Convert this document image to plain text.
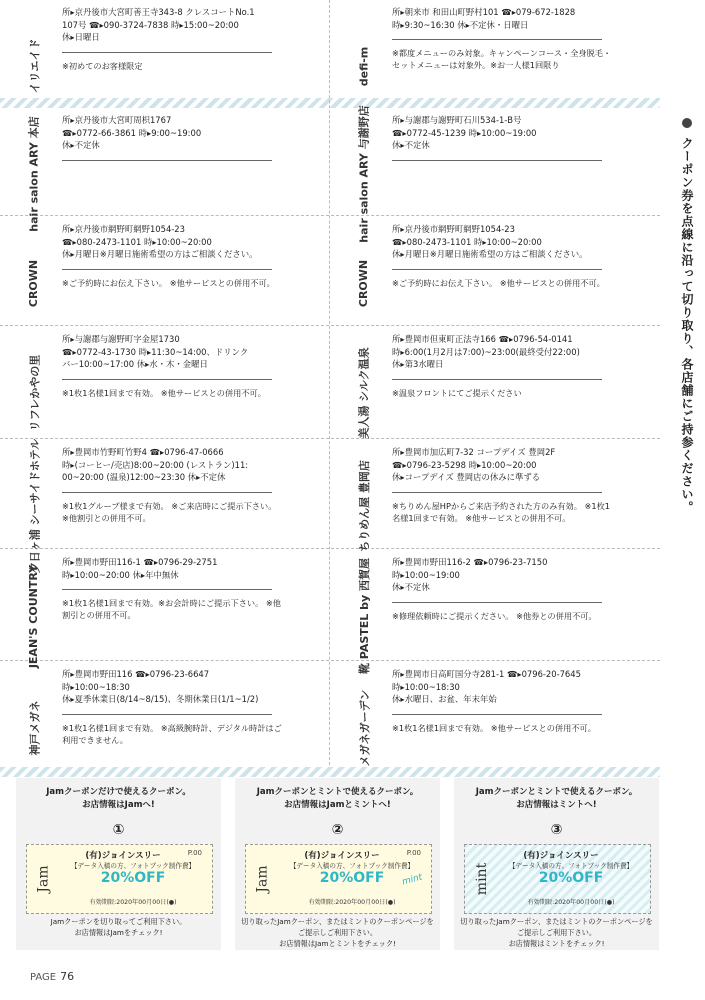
イリエイド
所▸京丹後市大宮町善王寺343-8 クレスコートNo.1
107号 ☎▸090-3724-7838 時▸15:00~20:00
休▸日曜日
※初めてのお客様限定
hair salon ARY 本店 所▸京丹後市大宮町周枳1767
☎▸0772-66-3861 時▸9:00~19:00
休▸不定休
CROWN
所▸京丹後市網野町網野1054-23
☎▸080-2473-1101 時▸10:00~20:00
休▸月曜日※月曜日施術希望の方はご相談ください。
※ご予約時にお伝え下さい。 ※他サービスとの併用不可。
リフレかやの里
所▸与謝郡与謝野町字金屋1730
☎▸0772-43-1730 時▸11:30~14:00、ドリンク
バー10:00~17:00 休▸水・木・金曜日
※1枚1名様1回まで有効。 ※他サービスとの併用不可。
夕日ヶ浦 シーサイドホテル 所▸豊岡市竹野町竹野4 ☎▸0796-47-0666
時▸(コーヒー/売店)8:00~20:00 (レストラン)11:
00~20:00 (温泉)12:00~23:30 休▸不定休
※1枚1グループ様まで有効。 ※ご来店時にご提示下さい。 ※他割引との併用不可。
JEAN'S COUNTRY
所▸豊岡市野田116-1 ☎▸0796-29-2751
時▸10:00~20:00 休▸年中無休
※1枚1名様1回まで有効。※お会計時にご提示下さい。 ※他割引との併用不可。
神戸メガネ
所▸豊岡市野田116 ☎▸0796-23-6647
時▸10:00~18:30
休▸夏季休業日(8/14~8/15)、冬期休業日(1/1~1/2)
※1枚1名様1回まで有効。 ※高級腕時計、デジタル時計はご利用できません。
defi-m
所▸朝来市 和田山町野村101 ☎▸079-672-1828
時▸9:30~16:30 休▸不定休・日曜日
※都度メニューのみ対象。キャンペーンコース・全身脱毛・セットメニューは対象外。※お一人様1回限り
hair salon ARY 与謝野店 所▸与謝郡与謝野町石川534-1-B号
☎▸0772-45-1239 時▸10:00~19:00
休▸不定休
CROWN
所▸京丹後市網野町網野1054-23
☎▸080-2473-1101 時▸10:00~20:00
休▸月曜日※月曜日施術希望の方はご相談ください。
※ご予約時にお伝え下さい。 ※他サービスとの併用不可。
美人湯 シルク温泉
所▸豊岡市但東町正法寺166 ☎▸0796-54-0141
時▸6:00(1月2月は7:00)~23:00(最終受付22:00)
休▸第3水曜日
※温泉フロントにてご提示ください
ちりめん屋 豊岡店
所▸豊岡市加広町7-32 コープデイズ 豊岡2F
☎▸0796-23-5298 時▸10:00~20:00
休▸コープデイズ 豊岡店の休みに準ずる
※ちりめん屋HPからご来店予約された方のみ有効。 ※1枚1名様1回まで有効。 ※他サービスとの併用不可。
靴 PASTEL by 西賀屋	所▸豊岡市野田116-2 ☎▸0796-23-7150
時▸10:00~19:00
休▸不定休
※修理依頼時にご提示ください。 ※他券との併用不可。
メガネガーデン
所▸豊岡市日高町国分寺281-1 ☎▸0796-20-7645
時▸10:00~18:30
休▸水曜日、お盆、年末年始
※1枚1名様1回まで有効。 ※他サービスとの併用不可。
クーポン券を点線に沿って切り取り、各店舗にご持参ください。
Jamクーポンだけで使えるクーポン。
お店情報はJamへ!
①
Jam
(有)ジョインスリー	P.00
【データ入稿の方、フォトブック制作費】
20%OFF
有効期限:2020年00月00日(●)
Jamクーポンを切り取ってご利用下さい。
お店情報はJamをチェック!
Jamクーポンとミントで使えるクーポン。
お店情報はJamとミントへ!
②
Jam
(有)ジョインスリー	P.00
【データ入稿の方、フォトブック制作費】
20%OFF
有効期限:2020年00月00日(●)
mint
切り取ったJamクーポン、またはミントのクーポンページを
ご提示しご利用下さい。
お店情報はJamとミントをチェック!
Jamクーポンとミントで使えるクーポン。
お店情報はミントへ!
③
mint
(有)ジョインスリー
【データ入稿の方、フォトブック制作費】
20%OFF
有効期限:2020年00月00日(●)
切り取ったJamクーポン、またはミントのクーポンページを
ご提示しご利用下さい。
お店情報はミントをチェック!
PAGE 76
